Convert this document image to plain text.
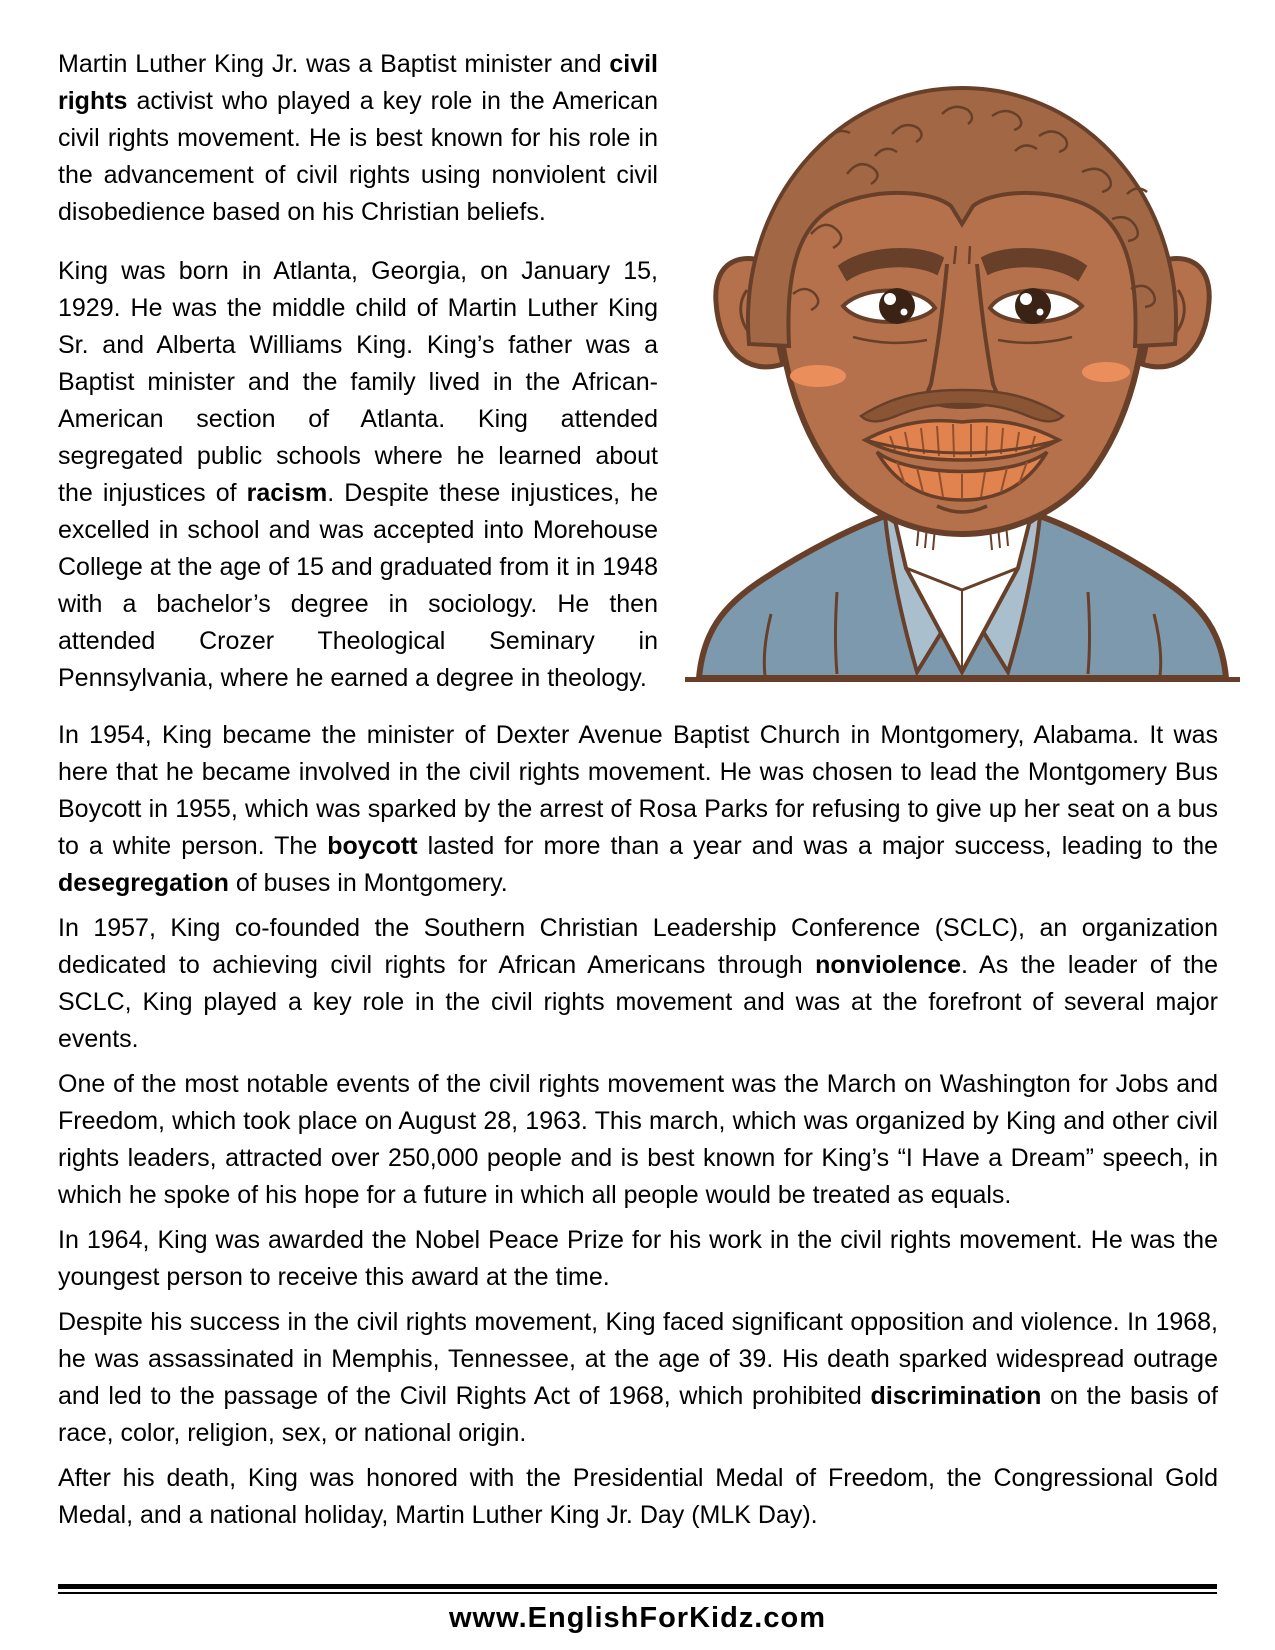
Martin Luther King Jr. was a Baptist minister and civil rights activist who played a key role in the American civil rights movement. He is best known for his role in the advancement of civil rights using nonviolent civil disobedience based on his Christian beliefs.

King was born in Atlanta, Georgia, on January 15, 1929. He was the middle child of Martin Luther King Sr. and Alberta Williams King. King’s father was a Baptist minister and the family lived in the African-American section of Atlanta. King attended segregated public schools where he learned about the injustices of racism. Despite these injustices, he excelled in school and was accepted into Morehouse College at the age of 15 and graduated from it in 1948 with a bachelor’s degree in sociology. He then attended Crozer Theological Seminary in Pennsylvania, where he earned a degree in theology.

In 1954, King became the minister of Dexter Avenue Baptist Church in Montgomery, Alabama. It was here that he became involved in the civil rights movement. He was chosen to lead the Montgomery Bus Boycott in 1955, which was sparked by the arrest of Rosa Parks for refusing to give up her seat on a bus to a white person. The boycott lasted for more than a year and was a major success, leading to the desegregation of buses in Montgomery.

In 1957, King co-founded the Southern Christian Leadership Conference (SCLC), an organization dedicated to achieving civil rights for African Americans through nonviolence. As the leader of the SCLC, King played a key role in the civil rights movement and was at the forefront of several major events.

One of the most notable events of the civil rights movement was the March on Washington for Jobs and Freedom, which took place on August 28, 1963. This march, which was organized by King and other civil rights leaders, attracted over 250,000 people and is best known for King’s “I Have a Dream” speech, in which he spoke of his hope for a future in which all people would be treated as equals.

In 1964, King was awarded the Nobel Peace Prize for his work in the civil rights movement. He was the youngest person to receive this award at the time.

Despite his success in the civil rights movement, King faced significant opposition and violence. In 1968, he was assassinated in Memphis, Tennessee, at the age of 39. His death sparked widespread outrage and led to the passage of the Civil Rights Act of 1968, which prohibited discrimination on the basis of race, color, religion, sex, or national origin.

After his death, King was honored with the Presidential Medal of Freedom, the Congressional Gold Medal, and a national holiday, Martin Luther King Jr. Day (MLK Day).

www.EnglishForKidz.com
